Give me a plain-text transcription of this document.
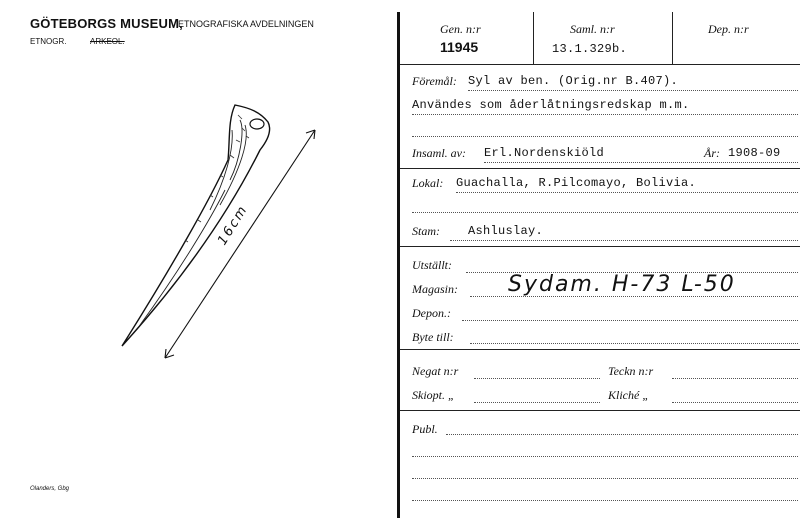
GÖTEBORGS MUSEUM,
ETNOGRAFISKA AVDELNINGEN
ETNOGR.	ARKEOL.
16cm
Olanders, Gbg
Gen. n:r
11945
Saml. n:r
13.1.329b.
Dep. n:r
Föremål: Syl av ben. (Orig.nr B.407).
Användes som åderlåtningsredskap m.m.
Insaml. av: Erl.Nordenskiöld	År: 1908-09
Lokal: Guachalla, R.Pilcomayo, Bolivia.
Stam: Ashluslay.
Utställt:
Magasin: Sydam. H-73 L-50
Depon.:
Byte till:
Negat n:r	Teckn n:r
Skiopt. „	Kliché „
Publ.
